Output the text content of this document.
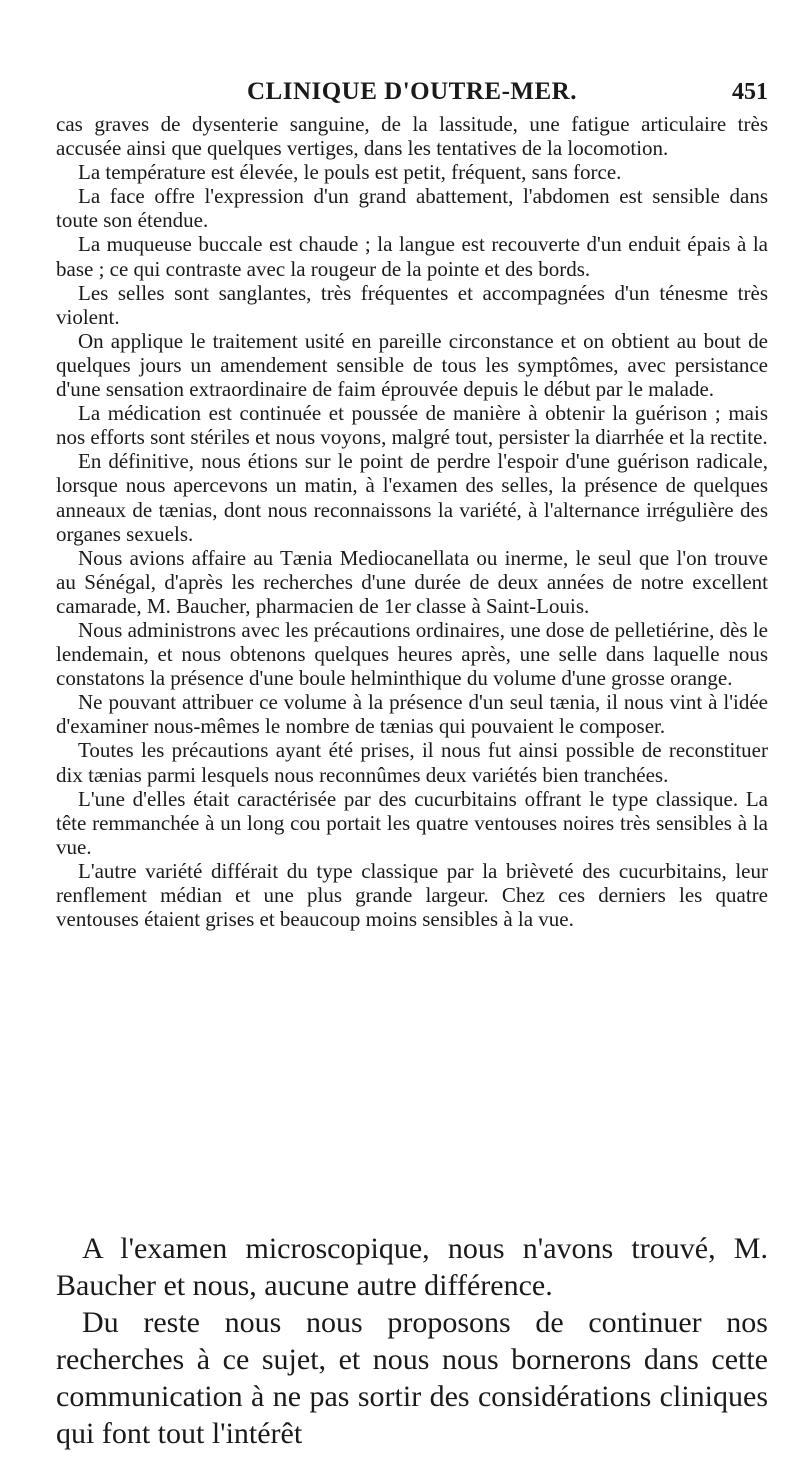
CLINIQUE D'OUTRE-MER.	451

cas graves de dysenterie sanguine, de la lassitude, une fatigue articulaire très accusée ainsi que quelques vertiges, dans les tentatives de la locomotion.

La température est élevée, le pouls est petit, fréquent, sans force.

La face offre l'expression d'un grand abattement, l'abdomen est sensible dans toute son étendue.

La muqueuse buccale est chaude ; la langue est recouverte d'un enduit épais à la base ; ce qui contraste avec la rougeur de la pointe et des bords.

Les selles sont sanglantes, très fréquentes et accompagnées d'un ténesme très violent.

On applique le traitement usité en pareille circonstance et on obtient au bout de quelques jours un amendement sensible de tous les symptômes, avec persistance d'une sensation extraordinaire de faim éprouvée depuis le début par le malade.

La médication est continuée et poussée de manière à obtenir la guérison ; mais nos efforts sont stériles et nous voyons, malgré tout, persister la diarrhée et la rectite.

En définitive, nous étions sur le point de perdre l'espoir d'une guérison radicale, lorsque nous apercevons un matin, à l'examen des selles, la présence de quelques anneaux de tænias, dont nous reconnaissons la variété, à l'alternance irrégulière des organes sexuels.

Nous avions affaire au Tænia Mediocanellata ou inerme, le seul que l'on trouve au Sénégal, d'après les recherches d'une durée de deux années de notre excellent camarade, M. Baucher, pharmacien de 1er classe à Saint-Louis.

Nous administrons avec les précautions ordinaires, une dose de pelletiérine, dès le lendemain, et nous obtenons quelques heures après, une selle dans laquelle nous constatons la présence d'une boule helminthique du volume d'une grosse orange.

Ne pouvant attribuer ce volume à la présence d'un seul tænia, il nous vint à l'idée d'examiner nous-mêmes le nombre de tænias qui pouvaient le composer.

Toutes les précautions ayant été prises, il nous fut ainsi possible de reconstituer dix tænias parmi lesquels nous reconnûmes deux variétés bien tranchées.

L'une d'elles était caractérisée par des cucurbitains offrant le type classique. La tête remmanchée à un long cou portait les quatre ventouses noires très sensibles à la vue.

L'autre variété différait du type classique par la brièveté des cucurbitains, leur renflement médian et une plus grande largeur. Chez ces derniers les quatre ventouses étaient grises et beaucoup moins sensibles à la vue.

A l'examen microscopique, nous n'avons trouvé, M. Baucher et nous, aucune autre différence.

Du reste nous nous proposons de continuer nos recherches à ce sujet, et nous nous bornerons dans cette communication à ne pas sortir des considérations cliniques qui font tout l'intérêt
